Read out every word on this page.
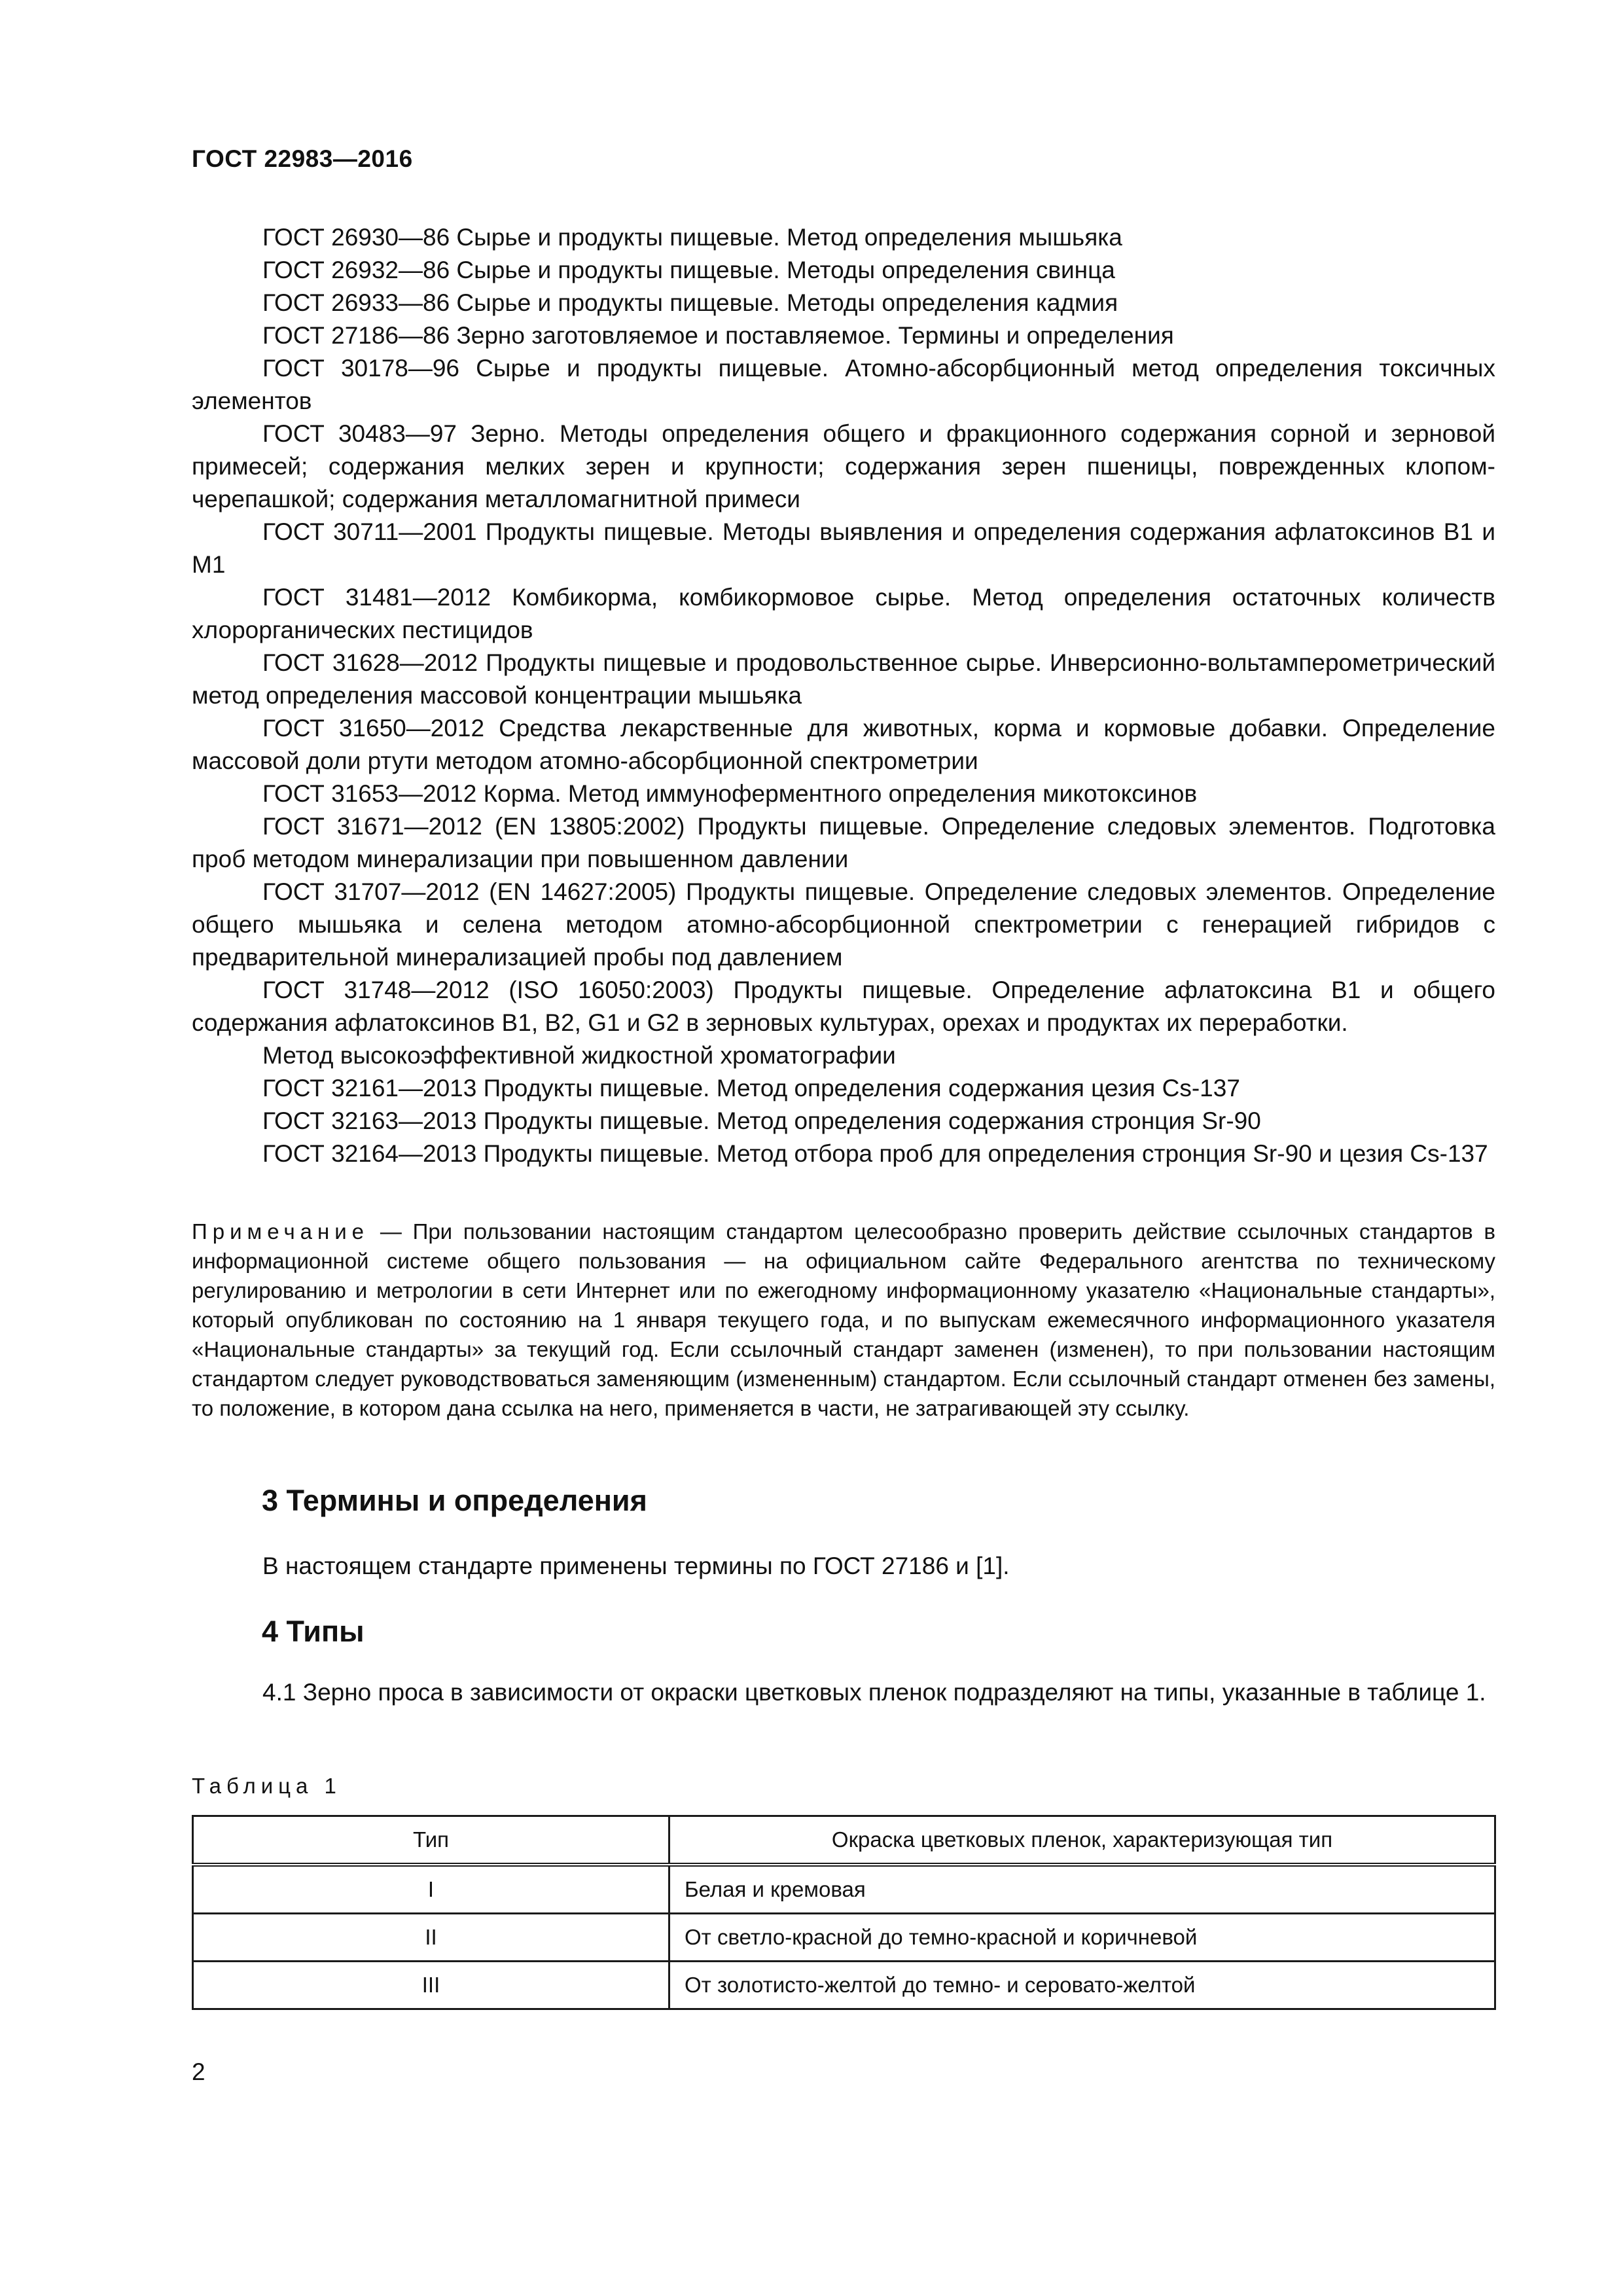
ГОСТ 22983—2016

ГОСТ 26930—86 Сырье и продукты пищевые. Метод определения мышьяка

ГОСТ 26932—86 Сырье и продукты пищевые. Методы определения свинца

ГОСТ 26933—86 Сырье и продукты пищевые. Методы определения кадмия

ГОСТ 27186—86 Зерно заготовляемое и поставляемое. Термины и определения

ГОСТ 30178—96 Сырье и продукты пищевые. Атомно-абсорбционный метод определения токсичных элементов

ГОСТ 30483—97 Зерно. Методы определения общего и фракционного содержания сорной и зерновой примесей; содержания мелких зерен и крупности; содержания зерен пшеницы, поврежденных клопом-черепашкой; содержания металломагнитной примеси

ГОСТ 30711—2001 Продукты пищевые. Методы выявления и определения содержания афлатоксинов В1 и М1

ГОСТ 31481—2012 Комбикорма, комбикормовое сырье. Метод определения остаточных количеств хлорорганических пестицидов

ГОСТ 31628—2012 Продукты пищевые и продовольственное сырье. Инверсионно-вольтамперометрический метод определения массовой концентрации мышьяка

ГОСТ 31650—2012 Средства лекарственные для животных, корма и кормовые добавки. Определение массовой доли ртути методом атомно-абсорбционной спектрометрии

ГОСТ 31653—2012 Корма. Метод иммуноферментного определения микотоксинов

ГОСТ 31671—2012 (EN 13805:2002) Продукты пищевые. Определение следовых элементов. Подготовка проб методом минерализации при повышенном давлении

ГОСТ 31707—2012 (EN 14627:2005) Продукты пищевые. Определение следовых элементов. Определение общего мышьяка и селена методом атомно-абсорбционной спектрометрии с генерацией гибридов с предварительной минерализацией пробы под давлением

ГОСТ 31748—2012 (ISO 16050:2003) Продукты пищевые. Определение афлатоксина В1 и общего содержания афлатоксинов В1, В2, G1 и G2 в зерновых культурах, орехах и продуктах их переработки.

Метод высокоэффективной жидкостной хроматографии

ГОСТ 32161—2013 Продукты пищевые. Метод определения содержания цезия Cs-137

ГОСТ 32163—2013 Продукты пищевые. Метод определения содержания стронция Sr-90

ГОСТ 32164—2013 Продукты пищевые. Метод отбора проб для определения стронция Sr-90 и цезия Cs-137

Примечание — При пользовании настоящим стандартом целесообразно проверить действие ссылочных стандартов в информационной системе общего пользования — на официальном сайте Федерального агентства по техническому регулированию и метрологии в сети Интернет или по ежегодному информационному указателю «Национальные стандарты», который опубликован по состоянию на 1 января текущего года, и по выпускам ежемесячного информационного указателя «Национальные стандарты» за текущий год. Если ссылочный стандарт заменен (изменен), то при пользовании настоящим стандартом следует руководствоваться заменяющим (измененным) стандартом. Если ссылочный стандарт отменен без замены, то положение, в котором дана ссылка на него, применяется в части, не затрагивающей эту ссылку.

3 Термины и определения

В настоящем стандарте применены термины по ГОСТ 27186 и [1].

4 Типы

4.1 Зерно проса в зависимости от окраски цветковых пленок подразделяют на типы, указанные в таблице 1.

Таблица 1

Тип	Окраска цветковых пленок, характеризующая тип
I	Белая и кремовая
II	От светло-красной до темно-красной и коричневой
III	От золотисто-желтой до темно- и серовато-желтой

2
